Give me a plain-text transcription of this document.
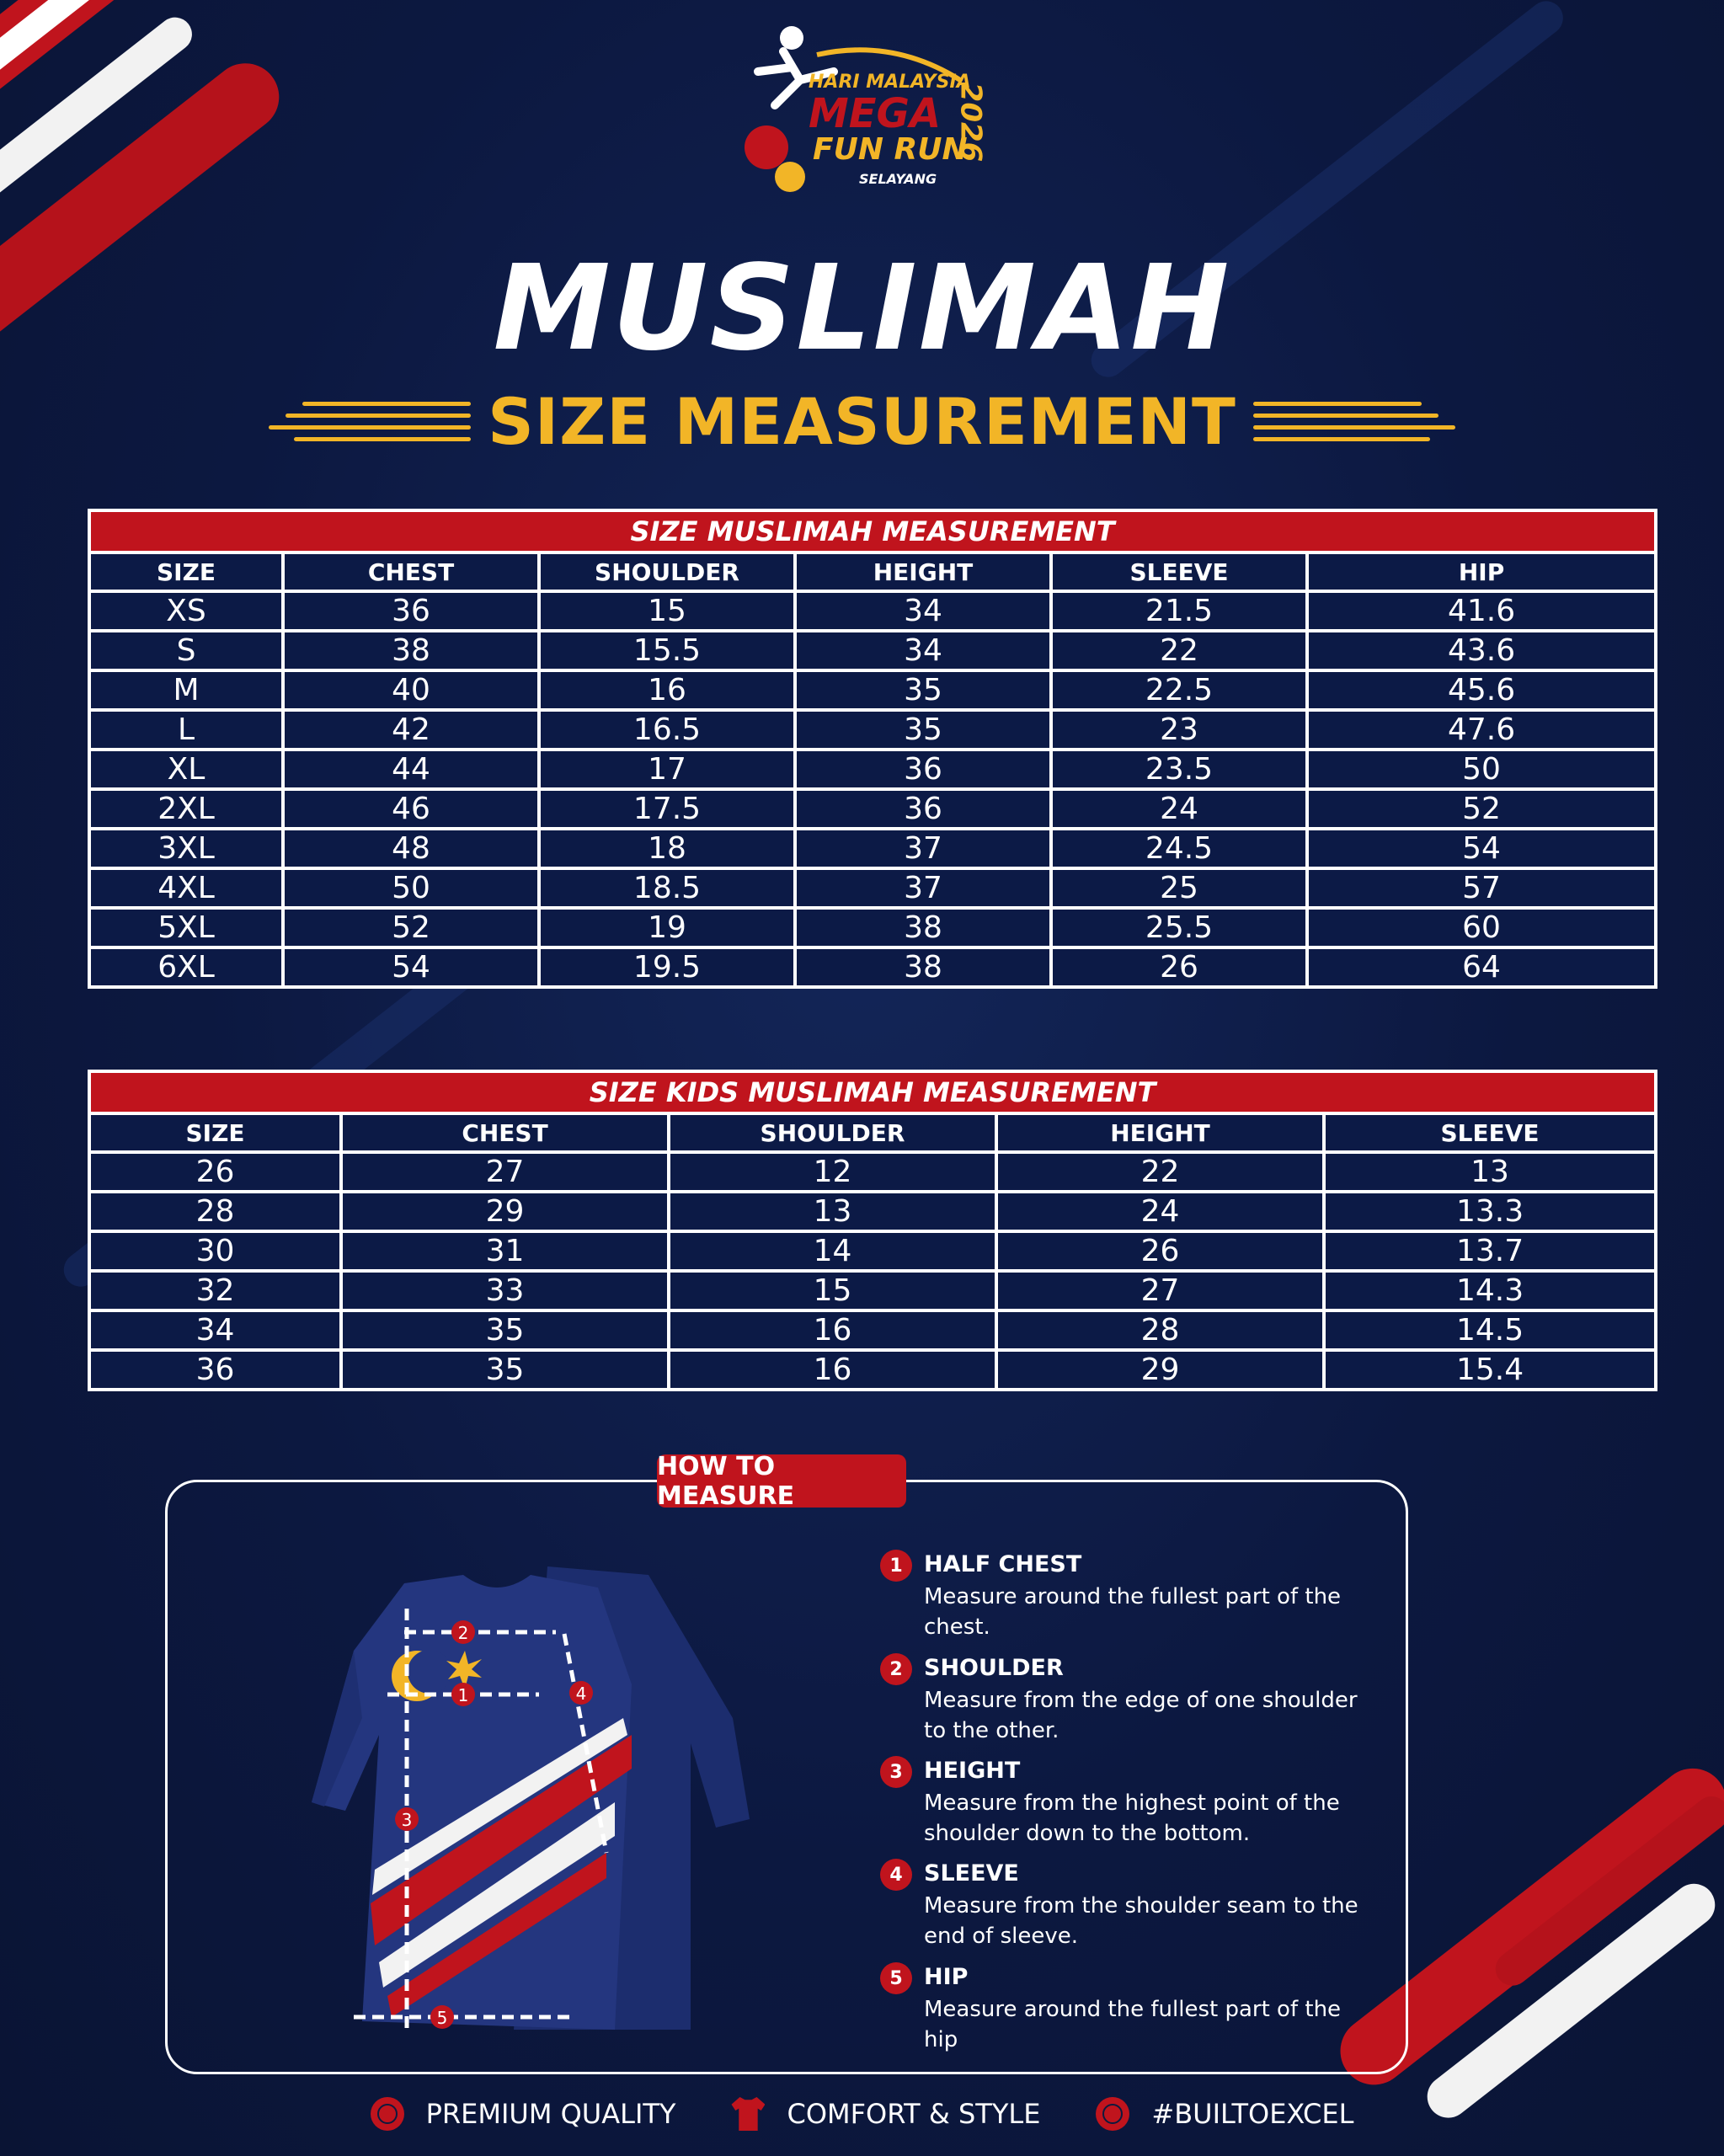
HARI MALAYSIA
MEGA
FUN RUN
SELAYANG
2026
MUSLIMAH
SIZE MEASUREMENT
SIZE MUSLIMAH MEASUREMENT					
SIZE	CHEST	SHOULDER	HEIGHT	SLEEVE	HIP
XS	36	15	34	21.5	41.6
S	38	15.5	34	22	43.6
M	40	16	35	22.5	45.6
L	42	16.5	35	23	47.6
XL	44	17	36	23.5	50
2XL	46	17.5	36	24	52
3XL	48	18	37	24.5	54
4XL	50	18.5	37	25	57
5XL	52	19	38	25.5	60
6XL	54	19.5	38	26	64
SIZE KIDS MUSLIMAH MEASUREMENT				
SIZE	CHEST	SHOULDER	HEIGHT	SLEEVE
26	27	12	22	13
28	29	13	24	13.3
30	31	14	26	13.7
32	33	15	27	14.3
34	35	16	28	14.5
36	35	16	29	15.4
HOW TO MEASURE
1
2
3
4
5
1 HALF CHEST
Measure around the fullest part of the chest.
2 SHOULDER
Measure from the edge of one shoulder to the other.
3 HEIGHT
Measure from the highest point of the shoulder down to the bottom.
4 SLEEVE
Measure from the shoulder seam to the end of sleeve.
5 HIP
Measure around the fullest part of the hip
PREMIUM QUALITY	COMFORT & STYLE	#BUILTOEXCEL
